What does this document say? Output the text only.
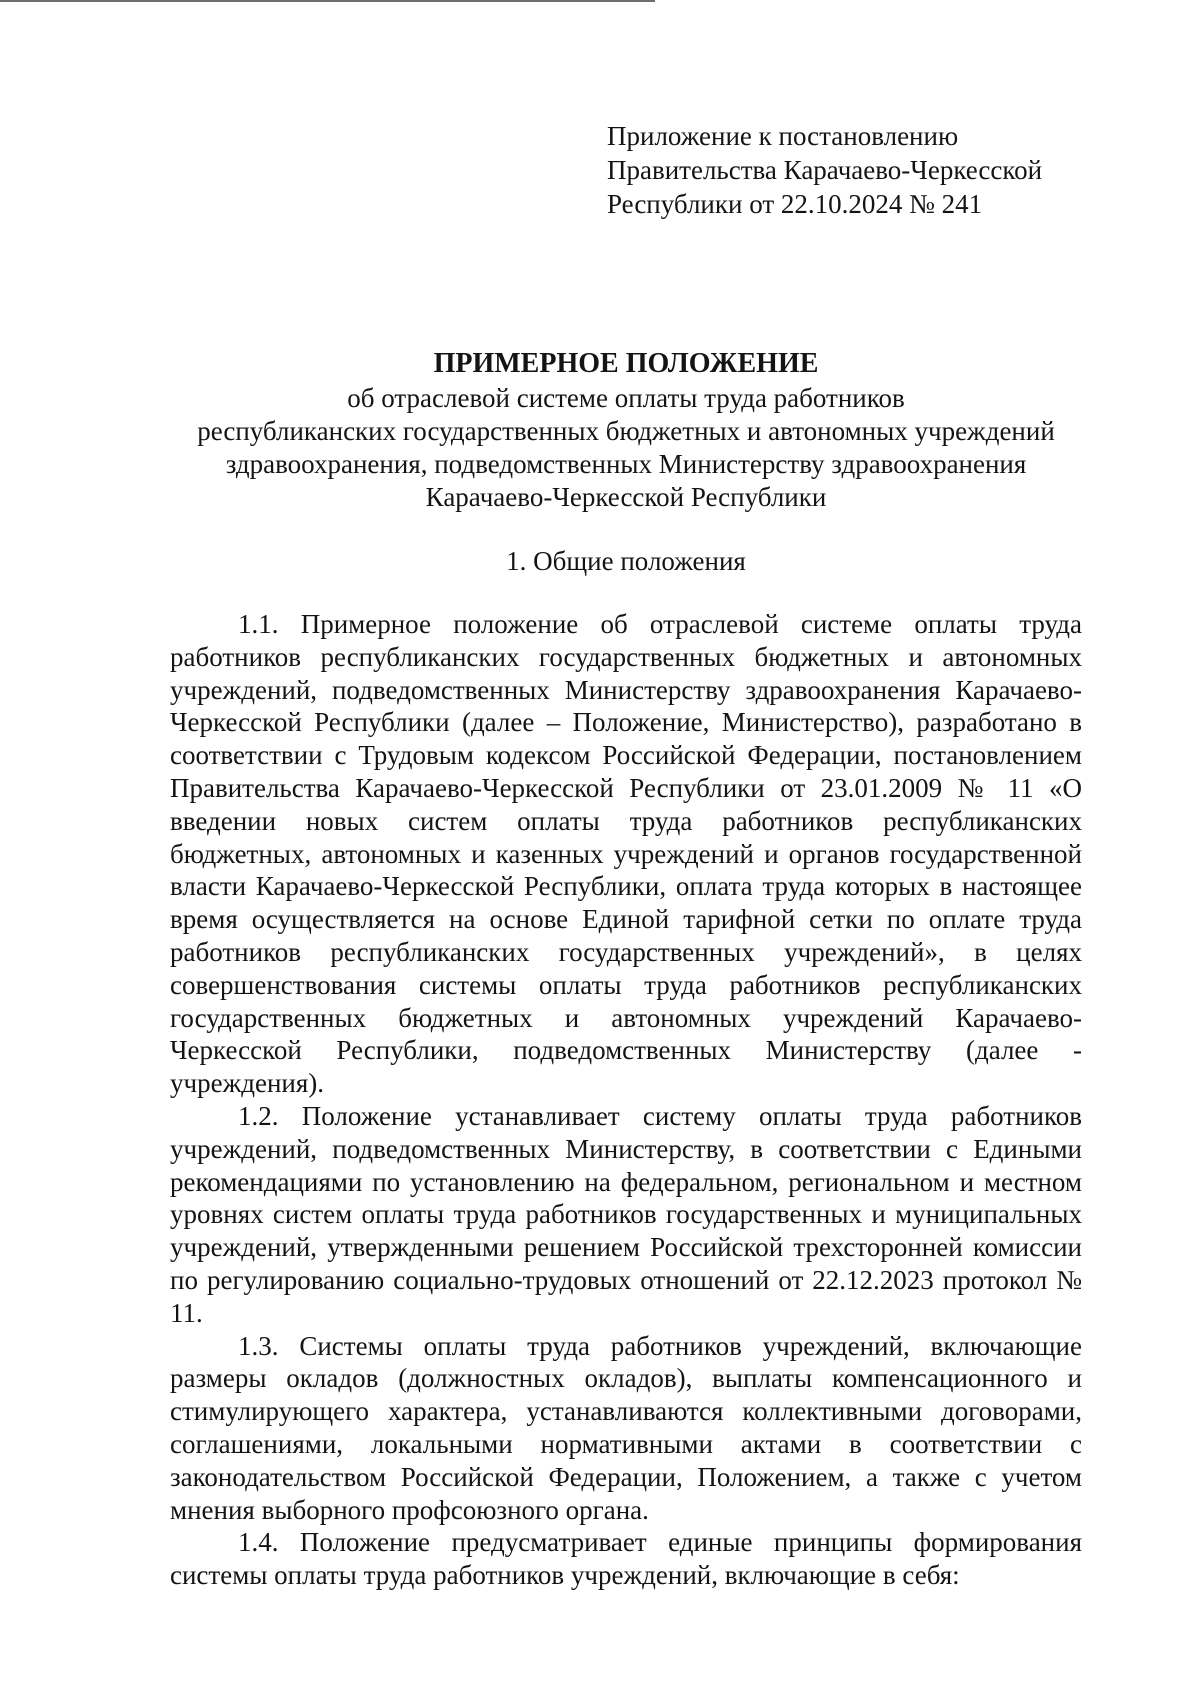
Приложение к постановлению
Правительства Карачаево-Черкесской
Республики от 22.10.2024 № 241
ПРИМЕРНОЕ ПОЛОЖЕНИЕ
об отраслевой системе оплаты труда работников
республиканских государственных бюджетных и автономных учреждений
здравоохранения, подведомственных Министерству здравоохранения
Карачаево-Черкесской Республики
1. Общие положения

1.1. Примерное положение об отраслевой системе оплаты труда работников республиканских государственных бюджетных и автономных учреждений, подведомственных Министерству здравоохранения Карачаево-Черкесской Республики (далее – Положение, Министерство), разработано в соответствии с Трудовым кодексом Российской Федерации, постановлением Правительства Карачаево-Черкесской Республики от 23.01.2009 № 11 «О введении новых систем оплаты труда работников республиканских бюджетных, автономных и казенных учреждений и органов государственной власти Карачаево-Черкесской Республики, оплата труда которых в настоящее время осуществляется на основе Единой тарифной сетки по оплате труда работников республиканских государственных учреждений», в целях совершенствования системы оплаты труда работников республиканских государственных бюджетных и автономных учреждений Карачаево-Черкесской Республики, подведомственных Министерству (далее - учреждения).

1.2. Положение устанавливает систему оплаты труда работников учреждений, подведомственных Министерству, в соответствии с Едиными рекомендациями по установлению на федеральном, региональном и местном уровнях систем оплаты труда работников государственных и муниципальных учреждений, утвержденными решением Российской трехсторонней комиссии по регулированию социально-трудовых отношений от 22.12.2023 протокол № 11.

1.3. Системы оплаты труда работников учреждений, включающие размеры окладов (должностных окладов), выплаты компенсационного и стимулирующего характера, устанавливаются коллективными договорами, соглашениями, локальными нормативными актами в соответствии с законодательством Российской Федерации, Положением, а также с учетом мнения выборного профсоюзного органа.

1.4. Положение предусматривает единые принципы формирования системы оплаты труда работников учреждений, включающие в себя:
